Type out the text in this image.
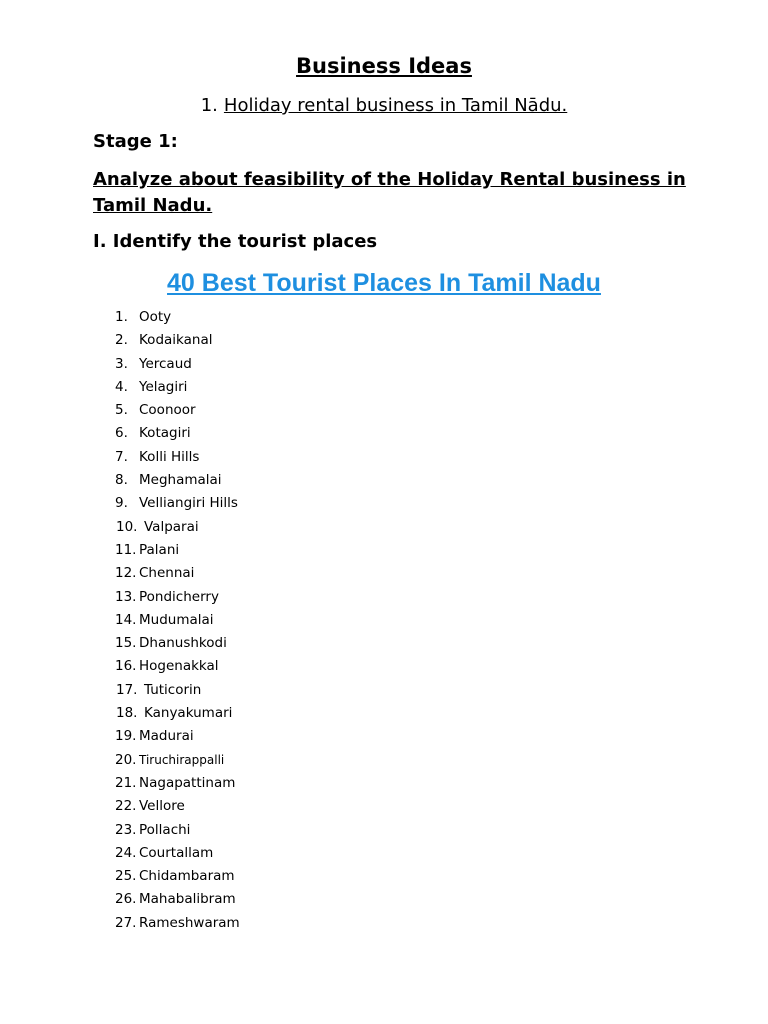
Business Ideas

1. Holiday rental business in Tamil Nādu.

Stage 1:

Analyze about feasibility of the Holiday Rental business in Tamil Nadu.

I. Identify the tourist places

40 Best Tourist Places In Tamil Nadu
1. Ooty
2. Kodaikanal
3. Yercaud
4. Yelagiri
5. Coonoor
6. Kotagiri
7. Kolli Hills
8. Meghamalai
9. Velliangiri Hills
10. Valparai
11. Palani
12. Chennai
13. Pondicherry
14. Mudumalai
15. Dhanushkodi
16. Hogenakkal
17. Tuticorin
18. Kanyakumari
19. Madurai
20. Tiruchirappalli
21. Nagapattinam
22. Vellore
23. Pollachi
24. Courtallam
25. Chidambaram
26. Mahabalibram
27. Rameshwaram
